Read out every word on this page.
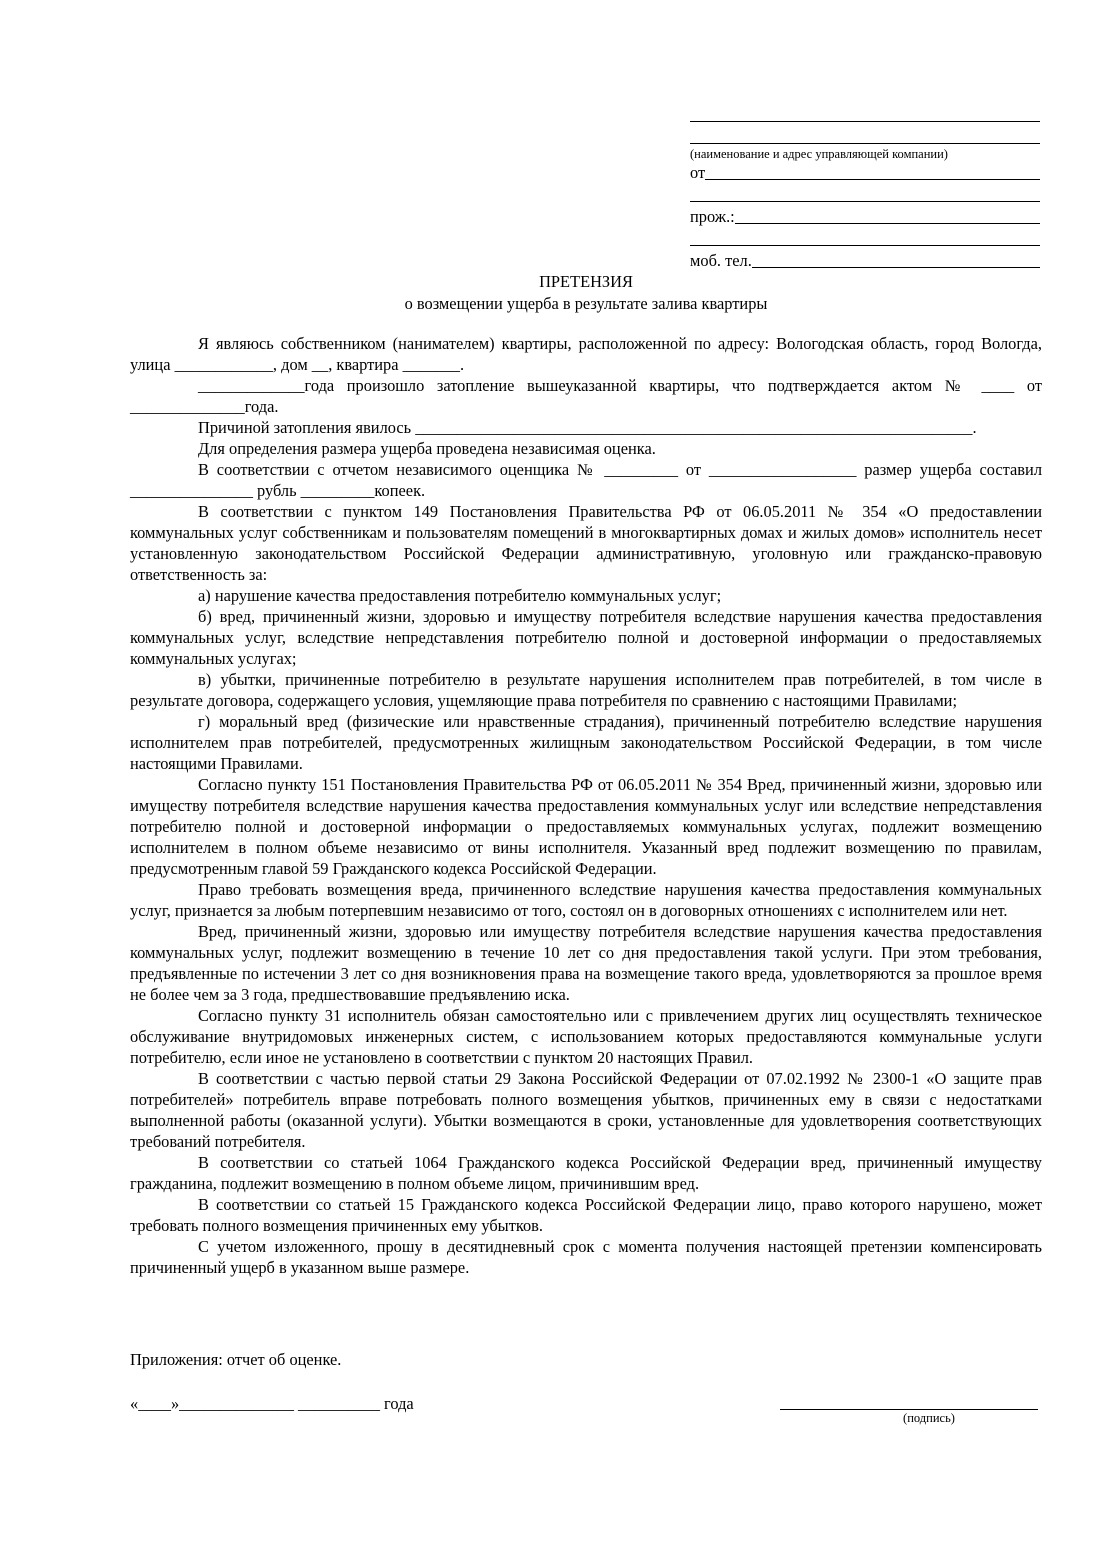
(наименование и адрес управляющей компании)
от
прож.:
моб. тел.
ПРЕТЕНЗИЯ
о возмещении ущерба в результате залива квартиры

Я являюсь собственником (нанимателем) квартиры, расположенной по адресу: Вологодская область, город Вологда, улица ____________, дом __, квартира _______.

_____________года произошло затопление вышеуказанной квартиры, что подтверждается актом № ____ от ______________года.

Причиной затопления явилось ____________________________________________________________________.

Для определения размера ущерба проведена независимая оценка.

В соответствии с отчетом независимого оценщика № _________ от __________________ размер ущерба составил _______________ рубль _________копеек.

В соответствии с пунктом 149 Постановления Правительства РФ от 06.05.2011 № 354 «О предоставлении коммунальных услуг собственникам и пользователям помещений в многоквартирных домах и жилых домов» исполнитель несет установленную законодательством Российской Федерации административную, уголовную или гражданско-правовую ответственность за:

а) нарушение качества предоставления потребителю коммунальных услуг;

б) вред, причиненный жизни, здоровью и имуществу потребителя вследствие нарушения качества предоставления коммунальных услуг, вследствие непредставления потребителю полной и достоверной информации о предоставляемых коммунальных услугах;

в) убытки, причиненные потребителю в результате нарушения исполнителем прав потребителей, в том числе в результате договора, содержащего условия, ущемляющие права потребителя по сравнению с настоящими Правилами;

г) моральный вред (физические или нравственные страдания), причиненный потребителю вследствие нарушения исполнителем прав потребителей, предусмотренных жилищным законодательством Российской Федерации, в том числе настоящими Правилами.

Согласно пункту 151 Постановления Правительства РФ от 06.05.2011 № 354 Вред, причиненный жизни, здоровью или имуществу потребителя вследствие нарушения качества предоставления коммунальных услуг или вследствие непредставления потребителю полной и достоверной информации о предоставляемых коммунальных услугах, подлежит возмещению исполнителем в полном объеме независимо от вины исполнителя. Указанный вред подлежит возмещению по правилам, предусмотренным главой 59 Гражданского кодекса Российской Федерации.

Право требовать возмещения вреда, причиненного вследствие нарушения качества предоставления коммунальных услуг, признается за любым потерпевшим независимо от того, состоял он в договорных отношениях с исполнителем или нет.

Вред, причиненный жизни, здоровью или имуществу потребителя вследствие нарушения качества предоставления коммунальных услуг, подлежит возмещению в течение 10 лет со дня предоставления такой услуги. При этом требования, предъявленные по истечении 3 лет со дня возникновения права на возмещение такого вреда, удовлетворяются за прошлое время не более чем за 3 года, предшествовавшие предъявлению иска.

Согласно пункту 31 исполнитель обязан самостоятельно или с привлечением других лиц осуществлять техническое обслуживание внутридомовых инженерных систем, с использованием которых предоставляются коммунальные услуги потребителю, если иное не установлено в соответствии с пунктом 20 настоящих Правил.

В соответствии с частью первой статьи 29 Закона Российской Федерации от 07.02.1992 № 2300-1 «О защите прав потребителей» потребитель вправе потребовать полного возмещения убытков, причиненных ему в связи с недостатками выполненной работы (оказанной услуги). Убытки возмещаются в сроки, установленные для удовлетворения соответствующих требований потребителя.

В соответствии со статьей 1064 Гражданского кодекса Российской Федерации вред, причиненный имуществу гражданина, подлежит возмещению в полном объеме лицом, причинившим вред.

В соответствии со статьей 15 Гражданского кодекса Российской Федерации лицо, право которого нарушено, может требовать полного возмещения причиненных ему убытков.

С учетом изложенного, прошу в десятидневный срок с момента получения настоящей претензии компенсировать причиненный ущерб в указанном выше размере.

Приложения: отчет об оценке.
«____»______________ __________ года
(подпись)
